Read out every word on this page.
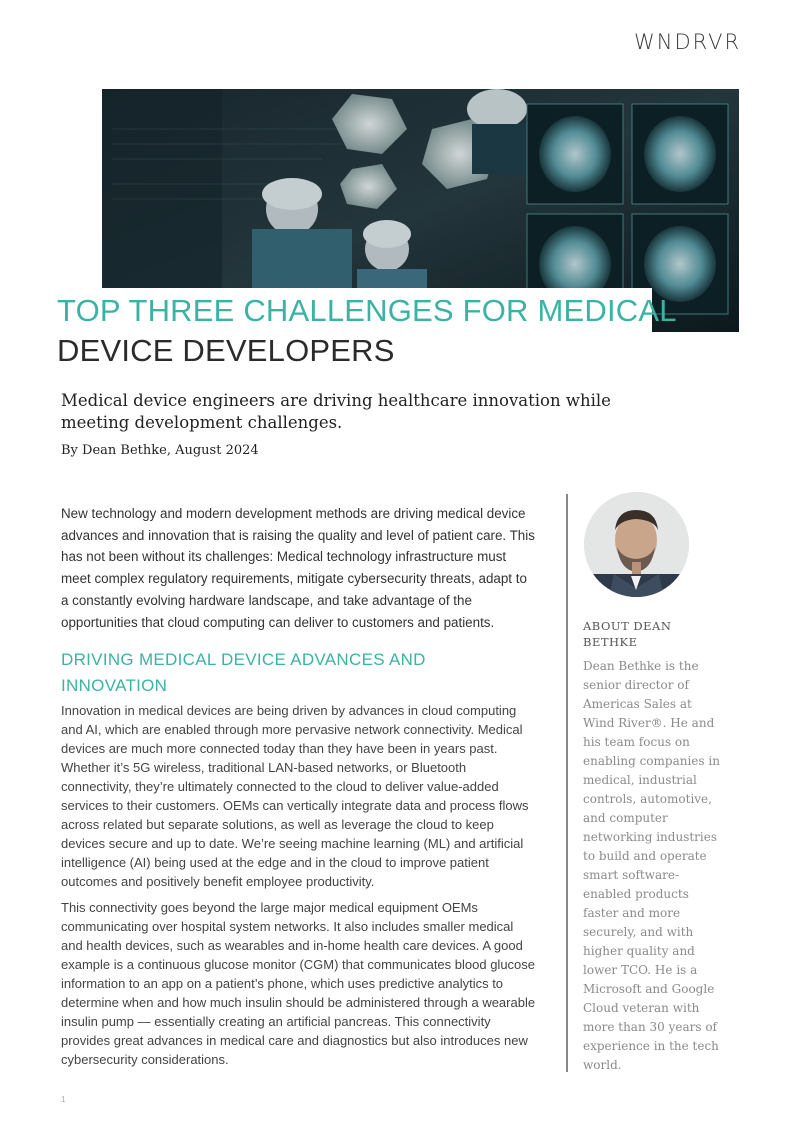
WNDRVR
TOP THREE CHALLENGES FOR MEDICAL
DEVICE DEVELOPERS
Medical device engineers are driving healthcare innovation while meeting development challenges.
By Dean Bethke, August 2024

New technology and modern development methods are driving medical device advances and innovation that is raising the quality and level of patient care. This has not been without its challenges: Medical technology infrastructure must meet complex regulatory requirements, mitigate cybersecurity threats, adapt to a constantly evolving hardware landscape, and take advantage of the opportunities that cloud computing can deliver to customers and patients.

DRIVING MEDICAL DEVICE ADVANCES AND INNOVATION

Innovation in medical devices are being driven by advances in cloud computing and AI, which are enabled through more pervasive network connectivity. Medical devices are much more connected today than they have been in years past. Whether it’s 5G wireless, traditional LAN-based networks, or Bluetooth connectivity, they’re ultimately connected to the cloud to deliver value-added services to their customers. OEMs can vertically integrate data and process flows across related but separate solutions, as well as leverage the cloud to keep devices secure and up to date. We’re seeing machine learning (ML) and artificial intelligence (AI) being used at the edge and in the cloud to improve patient outcomes and positively benefit employee productivity.

This connectivity goes beyond the large major medical equipment OEMs communicating over hospital system networks. It also includes smaller medical and health devices, such as wearables and in-home health care devices. A good example is a continuous glucose monitor (CGM) that communicates blood glucose information to an app on a patient’s phone, which uses predictive analytics to determine when and how much insulin should be administered through a wearable insulin pump — essentially creating an artificial pancreas. This connectivity provides great advances in medical care and diagnostics but also introduces new cybersecurity considerations.

ABOUT DEAN BETHKE
Dean Bethke is the senior director of Americas Sales at Wind River®. He and his team focus on enabling companies in medical, industrial controls, automotive, and computer networking industries to build and operate smart software-enabled products faster and more securely, and with higher quality and lower TCO. He is a Microsoft and Google Cloud veteran with more than 30 years of experience in the tech world.
1
